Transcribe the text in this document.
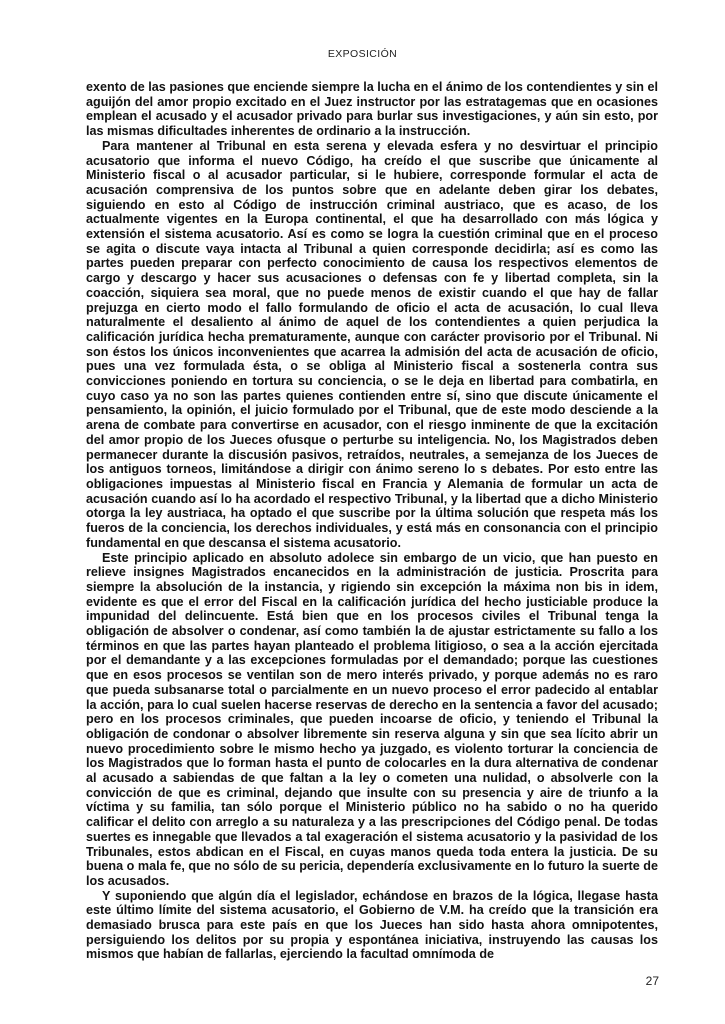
EXPOSICIÓN

exento de las pasiones que enciende siempre la lucha en el ánimo de los contendientes y sin el aguijón del amor propio excitado en el Juez instructor por las estratagemas que en ocasiones emplean el acusado y el acusador privado para burlar sus investigaciones, y aún sin esto, por las mismas dificultades inherentes de ordinario a la instrucción.

Para mantener al Tribunal en esta serena y elevada esfera y no desvirtuar el principio acusatorio que informa el nuevo Código, ha creído el que suscribe que únicamente al Ministerio fiscal o al acusador particular, si le hubiere, corresponde formular el acta de acusación comprensiva de los puntos sobre que en adelante deben girar los debates, siguiendo en esto al Código de instrucción criminal austriaco, que es acaso, de los actualmente vigentes en la Europa continental, el que ha desarrollado con más lógica y extensión el sistema acusatorio. Así es como se logra la cuestión criminal que en el proceso se agita o discute vaya intacta al Tribunal a quien corresponde decidirla; así es como las partes pueden preparar con perfecto conocimiento de causa los respectivos elementos de cargo y descargo y hacer sus acusaciones o defensas con fe y libertad completa, sin la coacción, siquiera sea moral, que no puede menos de existir cuando el que hay de fallar prejuzga en cierto modo el fallo formulando de oficio el acta de acusación, lo cual lleva naturalmente el desaliento al ánimo de aquel de los contendientes a quien perjudica la calificación jurídica hecha prematuramente, aunque con carácter provisorio por el Tribunal. Ni son éstos los únicos inconvenientes que acarrea la admisión del acta de acusación de oficio, pues una vez formulada ésta, o se obliga al Ministerio fiscal a sostenerla contra sus convicciones poniendo en tortura su conciencia, o se le deja en libertad para combatirla, en cuyo caso ya no son las partes quienes contienden entre sí, sino que discute únicamente el pensamiento, la opinión, el juicio formulado por el Tribunal, que de este modo desciende a la arena de combate para convertirse en acusador, con el riesgo inminente de que la excitación del amor propio de los Jueces ofusque o perturbe su inteligencia. No, los Magistrados deben permanecer durante la discusión pasivos, retraídos, neutrales, a semejanza de los Jueces de los antiguos torneos, limitándose a dirigir con ánimo sereno lo s debates. Por esto entre las obligaciones impuestas al Ministerio fiscal en Francia y Alemania de formular un acta de acusación cuando así lo ha acordado el respectivo Tribunal, y la libertad que a dicho Ministerio otorga la ley austriaca, ha optado el que suscribe por la última solución que respeta más los fueros de la conciencia, los derechos individuales, y está más en consonancia con el principio fundamental en que descansa el sistema acusatorio.

Este principio aplicado en absoluto adolece sin embargo de un vicio, que han puesto en relieve insignes Magistrados encanecidos en la administración de justicia. Proscrita para siempre la absolución de la instancia, y rigiendo sin excepción la máxima non bis in idem, evidente es que el error del Fiscal en la calificación jurídica del hecho justiciable produce la impunidad del delincuente. Está bien que en los procesos civiles el Tribunal tenga la obligación de absolver o condenar, así como también la de ajustar estrictamente su fallo a los términos en que las partes hayan planteado el problema litigioso, o sea a la acción ejercitada por el demandante y a las excepciones formuladas por el demandado; porque las cuestiones que en esos procesos se ventilan son de mero interés privado, y porque además no es raro que pueda subsanarse total o parcialmente en un nuevo proceso el error padecido al entablar la acción, para lo cual suelen hacerse reservas de derecho en la sentencia a favor del acusado; pero en los procesos criminales, que pueden incoarse de oficio, y teniendo el Tribunal la obligación de condonar o absolver libremente sin reserva alguna y sin que sea lícito abrir un nuevo procedimiento sobre le mismo hecho ya juzgado, es violento torturar la conciencia de los Magistrados que lo forman hasta el punto de colocarles en la dura alternativa de condenar al acusado a sabiendas de que faltan a la ley o cometen una nulidad, o absolverle con la convicción de que es criminal, dejando que insulte con su presencia y aire de triunfo a la víctima y su familia, tan sólo porque el Ministerio público no ha sabido o no ha querido calificar el delito con arreglo a su naturaleza y a las prescripciones del Código penal. De todas suertes es innegable que llevados a tal exageración el sistema acusatorio y la pasividad de los Tribunales, estos abdican en el Fiscal, en cuyas manos queda toda entera la justicia. De su buena o mala fe, que no sólo de su pericia, dependería exclusivamente en lo futuro la suerte de los acusados.

Y suponiendo que algún día el legislador, echándose en brazos de la lógica, llegase hasta este último límite del sistema acusatorio, el Gobierno de V.M. ha creído que la transición era demasiado brusca para este país en que los Jueces han sido hasta ahora omnipotentes, persiguiendo los delitos por su propia y espontánea iniciativa, instruyendo las causas los mismos que habían de fallarlas, ejerciendo la facultad omnímoda de

27
